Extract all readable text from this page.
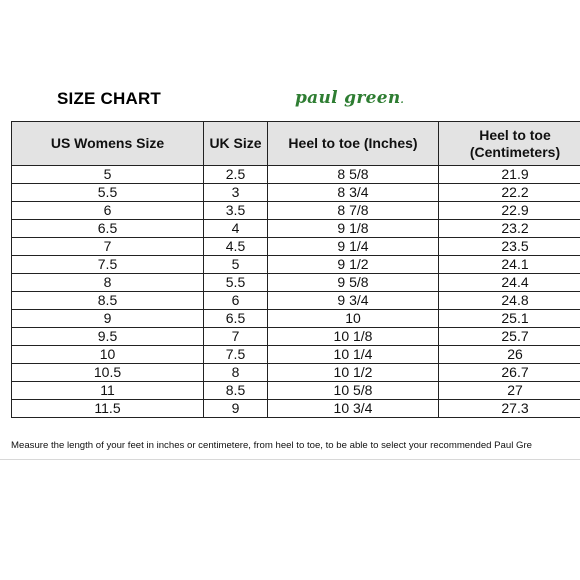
SIZE CHART	paul green.
US Womens Size	UK Size	Heel to toe (Inches)	Heel to toe (Centimeters)
5	2.5	8 5/8	21.9
5.5	3	8 3/4	22.2
6	3.5	8 7/8	22.9
6.5	4	9 1/8	23.2
7	4.5	9 1/4	23.5
7.5	5	9 1/2	24.1
8	5.5	9 5/8	24.4
8.5	6	9 3/4	24.8
9	6.5	10	25.1
9.5	7	10 1/8	25.7
10	7.5	10 1/4	26
10.5	8	10 1/2	26.7
11	8.5	10 5/8	27
11.5	9	10 3/4	27.3
Measure the length of your feet in inches or centimetere, from heel to toe, to be able to select your recommended Paul Gre
